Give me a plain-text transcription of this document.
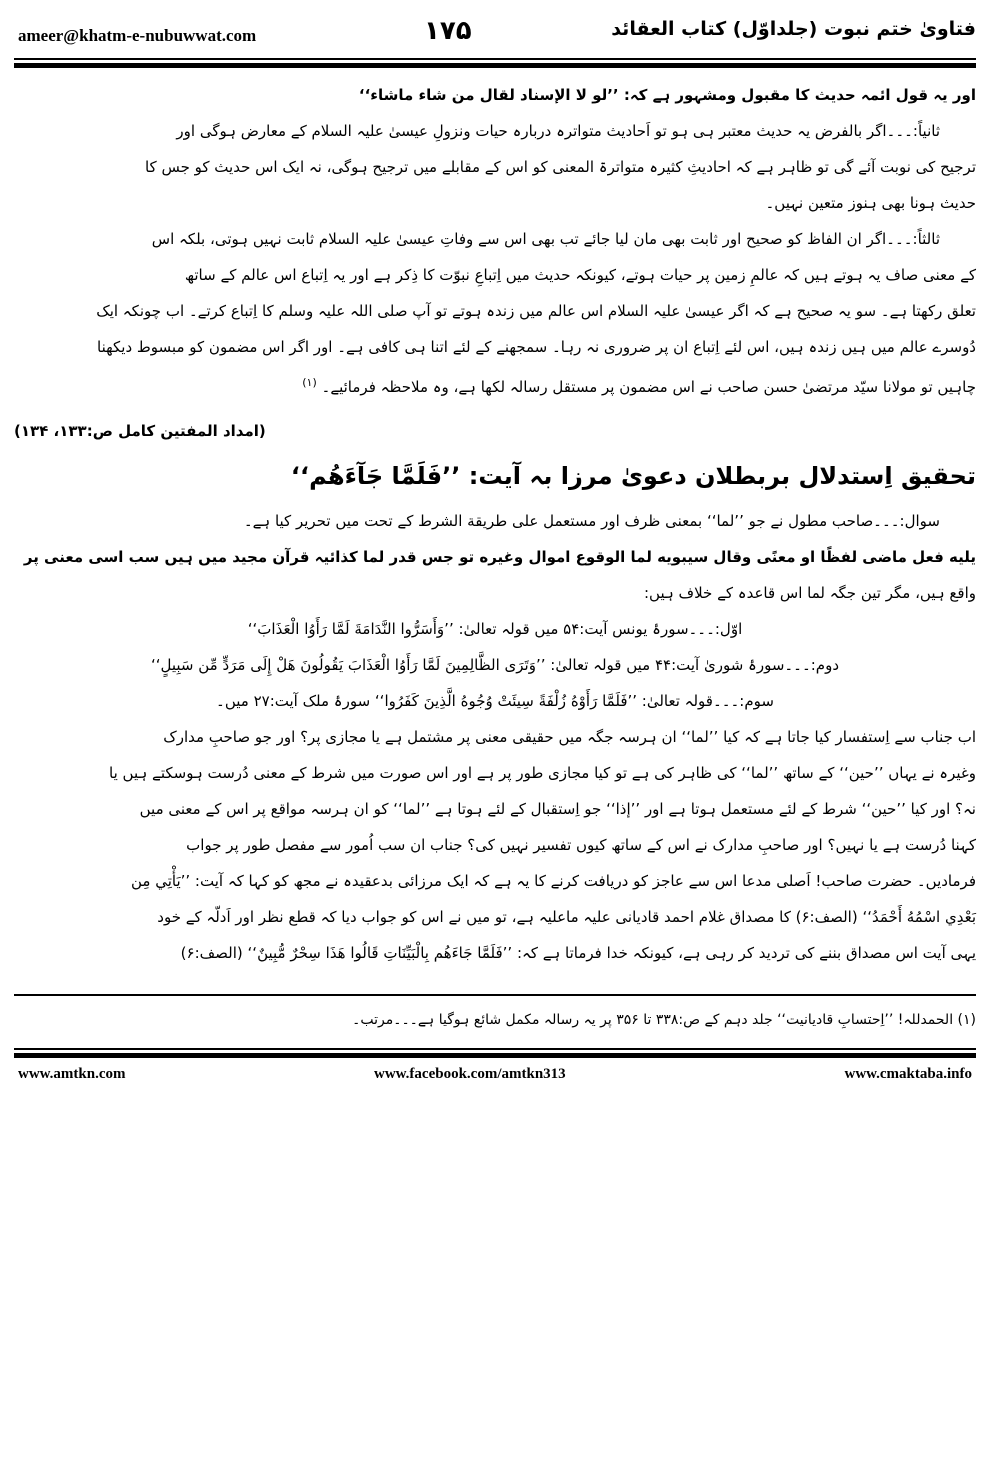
ameer@khatm-e-nubuwwat.com	۱۷۵	فتاویٰ ختم نبوت (جلداوّل) کتاب العقائد
اور یہ قول ائمہ حدیث کا مقبول ومشہور ہے کہ: ’’لو لا الإسناد لقال من شاء ماشاء‘‘
ثانیاً:۔۔۔اگر بالفرض یہ حدیث معتبر ہی ہو تو اَحادیث متواترہ دربارہ حیات ونزولِ عیسیٰ علیہ السلام کے معارض ہوگی اور
ترجیح کی نوبت آئے گی تو ظاہر ہے کہ احادیثِ کثیرہ متواترۃ المعنی کو اس کے مقابلے میں ترجیح ہوگی، نہ ایک اس حدیث کو جس کا
حدیث ہونا بھی ہنوز متعین نہیں۔
ثالثاً:۔۔۔اگر ان الفاظ کو صحیح اور ثابت بھی مان لیا جائے تب بھی اس سے وفاتِ عیسیٰ علیہ السلام ثابت نہیں ہوتی، بلکہ اس
کے معنی صاف یہ ہوتے ہیں کہ عالمِ زمین پر حیات ہوتے، کیونکہ حدیث میں اِتباعِ نبوّت کا ذِکر ہے اور یہ اِتباع اس عالم کے ساتھ
تعلق رکھتا ہے۔ سو یہ صحیح ہے کہ اگر عیسیٰ علیہ السلام اس عالم میں زندہ ہوتے تو آپ صلی اللہ علیہ وسلم کا اِتباع کرتے۔ اب چونکہ ایک
دُوسرے عالم میں ہیں زندہ ہیں، اس لئے اِتباع ان پر ضروری نہ رہا۔ سمجھنے کے لئے اتنا ہی کافی ہے۔ اور اگر اس مضمون کو مبسوط دیکھنا
چاہیں تو مولانا سیّد مرتضیٰ حسن صاحب نے اس مضمون پر مستقل رسالہ لکھا ہے، وہ ملاحظہ فرمائیے۔ $^{(۱)}$
(امداد المفتین کامل ص:۱۳۳، ۱۳۴)
تحقیق اِستدلال بربطلان دعویٰ مرزا بہ آیت: ’’فَلَمَّا جَآءَهُم‘‘
سوال:۔۔۔صاحب مطول نے جو ’’لما‘‘ بمعنی ظرف اور مستعمل علی طریقة الشرط کے تحت میں تحریر کیا ہے۔
یلیه فعل ماضی لفظًا او معنًی وقال سیبویه لما الوقوع اموال وغیره تو جس قدر لما کذائیہ قرآن مجید میں ہیں سب اسی معنی پر
واقع ہیں، مگر تین جگہ لما اس قاعدہ کے خلاف ہیں:
اوّل:۔۔۔سورۂ یونس آیت:۵۴ میں قولہ تعالیٰ: ’’وَأَسَرُّوا النَّدَامَةَ لَمَّا رَأَوُا الْعَذَابَ‘‘
دوم:۔۔۔سورۂ شوریٰ آیت:۴۴ میں قولہ تعالیٰ: ’’وَتَرَى الظَّالِمِينَ لَمَّا رَأَوُا الْعَذَابَ يَقُولُونَ هَلْ إِلَى مَرَدٍّ مِّن سَبِيلٍ‘‘
سوم:۔۔۔قولہ تعالیٰ: ’’فَلَمَّا رَأَوْهُ زُلْفَةً سِيئَتْ وُجُوهُ الَّذِينَ كَفَرُوا‘‘ سورۂ ملک آیت:۲۷ میں۔
اب جناب سے اِستفسار کیا جاتا ہے کہ کیا ’’لما‘‘ ان ہرسہ جگہ میں حقیقی معنی پر مشتمل ہے یا مجازی پر؟ اور جو صاحبِ مدارک
وغیرہ نے یہاں ’’حین‘‘ کے ساتھ ’’لما‘‘ کی ظاہر کی ہے تو کیا مجازی طور پر ہے اور اس صورت میں شرط کے معنی دُرست ہوسکتے ہیں یا
نہ؟ اور کیا ’’حین‘‘ شرط کے لئے مستعمل ہوتا ہے اور ’’إذا‘‘ جو اِستقبال کے لئے ہوتا ہے ’’لما‘‘ کو ان ہرسہ مواقع پر اس کے معنی میں
کہنا دُرست ہے یا نہیں؟ اور صاحبِ مدارک نے اس کے ساتھ کیوں تفسیر نہیں کی؟ جناب ان سب اُمور سے مفصل طور پر جواب
فرمادیں۔ حضرت صاحب! اَصلی مدعا اس سے عاجز کو دریافت کرنے کا یہ ہے کہ ایک مرزائی بدعقیدہ نے مجھ کو کہا کہ آیت: ’’يَأْتِي مِن
بَعْدِي اسْمُهُ أَحْمَدُ‘‘ (الصف:۶) کا مصداق غلام احمد قادیانی علیہ ماعلیہ ہے، تو میں نے اس کو جواب دیا کہ قطع نظر اور اَدلّہ کے خود
یہی آیت اس مصداق بننے کی تردید کر رہی ہے، کیونکہ خدا فرماتا ہے کہ: ’’فَلَمَّا جَاءَهُم بِالْبَيِّنَاتِ قَالُوا هَذَا سِحْرٌ مُّبِينٌ‘‘ (الصف:۶)
(۱) الحمدللہ! ’’اِحتسابِ قادیانیت‘‘ جلد دہم کے ص:۳۳۸ تا ۳۵۶ پر یہ رسالہ مکمل شائع ہوگیا ہے۔۔۔مرتب۔
www.amtkn.com	www.facebook.com/amtkn313	www.cmaktaba.info
